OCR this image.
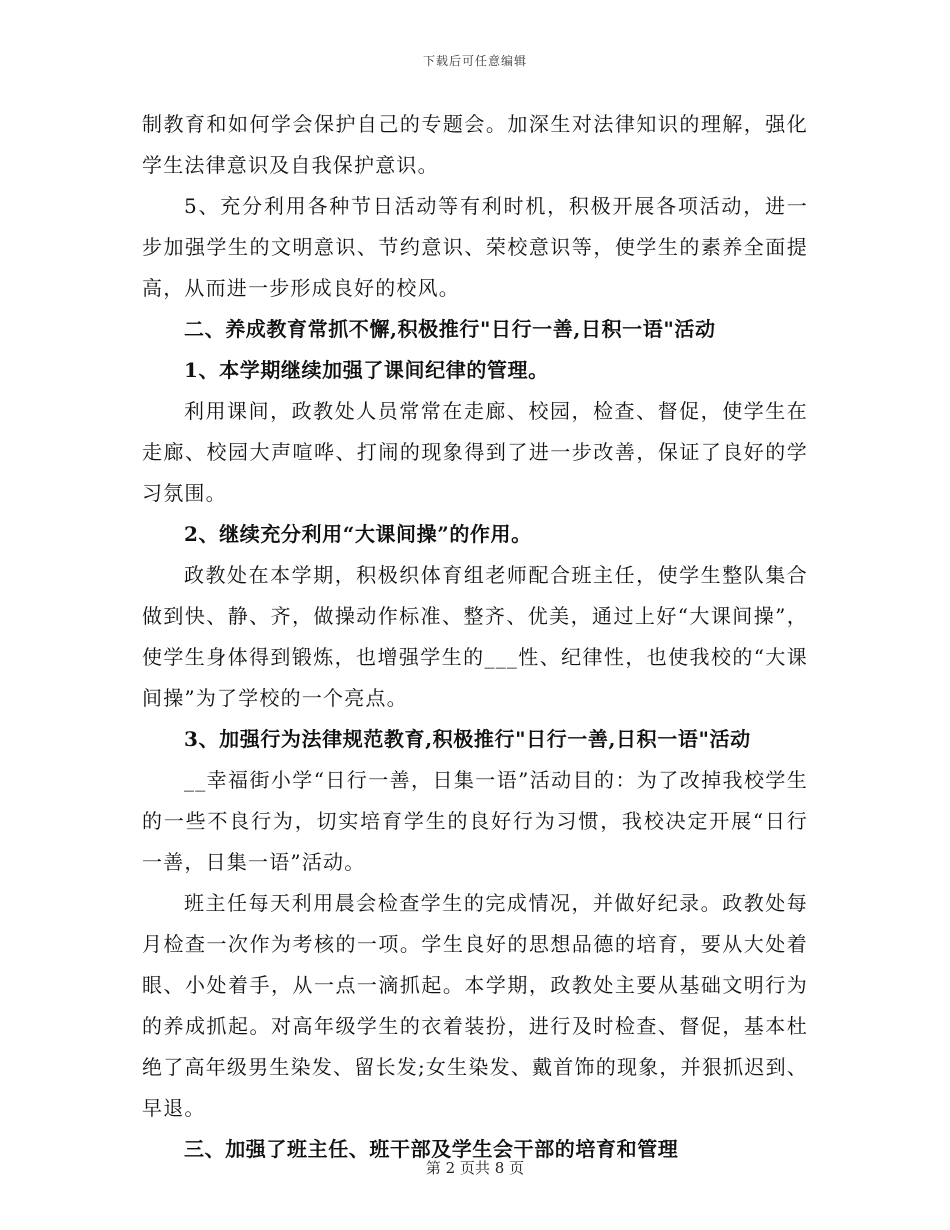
下载后可任意编辑

制教育和如何学会保护自己的专题会。加深生对法律知识的理解，强化学生法律意识及自我保护意识。

5、充分利用各种节日活动等有利时机，积极开展各项活动，进一步加强学生的文明意识、节约意识、荣校意识等，使学生的素养全面提高，从而进一步形成良好的校风。

二、养成教育常抓不懈,积极推行"日行一善,日积一语"活动

1、本学期继续加强了课间纪律的管理。

利用课间，政教处人员常常在走廊、校园，检查、督促，使学生在走廊、校园大声喧哗、打闹的现象得到了进一步改善，保证了良好的学习氛围。

2、继续充分利用“大课间操”的作用。

政教处在本学期，积极织体育组老师配合班主任，使学生整队集合做到快、静、齐，做操动作标准、整齐、优美，通过上好“大课间操”，使学生身体得到锻炼，也增强学生的___性、纪律性，也使我校的“大课间操”为了学校的一个亮点。

3、加强行为法律规范教育,积极推行"日行一善,日积一语"活动

__幸福街小学“日行一善，日集一语”活动目的：为了改掉我校学生的一些不良行为，切实培育学生的良好行为习惯，我校决定开展“日行一善，日集一语”活动。

班主任每天利用晨会检查学生的完成情况，并做好纪录。政教处每月检查一次作为考核的一项。学生良好的思想品德的培育，要从大处着眼、小处着手，从一点一滴抓起。本学期，政教处主要从基础文明行为的养成抓起。对高年级学生的衣着装扮，进行及时检查、督促，基本杜绝了高年级男生染发、留长发;女生染发、戴首饰的现象，并狠抓迟到、早退。

三、加强了班主任、班干部及学生会干部的培育和管理

第 2 页共 8 页
